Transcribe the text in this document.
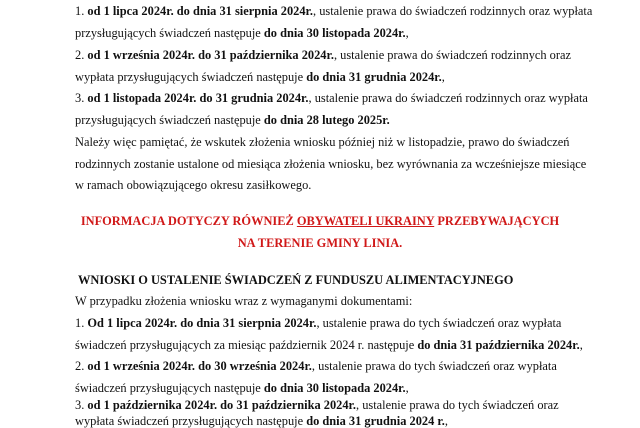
1. od 1 lipca 2024r. do dnia 31 sierpnia 2024r., ustalenie prawa do świadczeń rodzinnych oraz wypłata
przysługujących świadczeń następuje do dnia 30 listopada 2024r.,
2. od 1 września 2024r. do 31 października 2024r., ustalenie prawa do świadczeń rodzinnych oraz
wypłata przysługujących świadczeń następuje do dnia 31 grudnia 2024r.,
3. od 1 listopada 2024r. do 31 grudnia 2024r., ustalenie prawa do świadczeń rodzinnych oraz wypłata
przysługujących świadczeń następuje do dnia 28 lutego 2025r.
Należy więc pamiętać, że wskutek złożenia wniosku później niż w listopadzie, prawo do świadczeń
rodzinnych zostanie ustalone od miesiąca złożenia wniosku, bez wyrównania za wcześniejsze miesiące
w ramach obowiązującego okresu zasiłkowego.
INFORMACJA DOTYCZY RÓWNIEŻ OBYWATELI UKRAINY PRZEBYWAJĄCYCH
NA TERENIE GMINY LINIA.
WNIOSKI O USTALENIE ŚWIADCZEŃ Z FUNDUSZU ALIMENTACYJNEGO
W przypadku złożenia wniosku wraz z wymaganymi dokumentami:
1. Od 1 lipca 2024r. do dnia 31 sierpnia 2024r., ustalenie prawa do tych świadczeń oraz wypłata
świadczeń przysługujących za miesiąc październik 2024 r. następuje do dnia 31 października 2024r.,
2. od 1 września 2024r. do 30 września 2024r., ustalenie prawa do tych świadczeń oraz wypłata
świadczeń przysługujących następuje do dnia 30 listopada 2024r.,
3. od 1 października 2024r. do 31 października 2024r., ustalenie prawa do tych świadczeń oraz
wypłata świadczeń przysługujących następuje do dnia 31 grudnia 2024 r.,
